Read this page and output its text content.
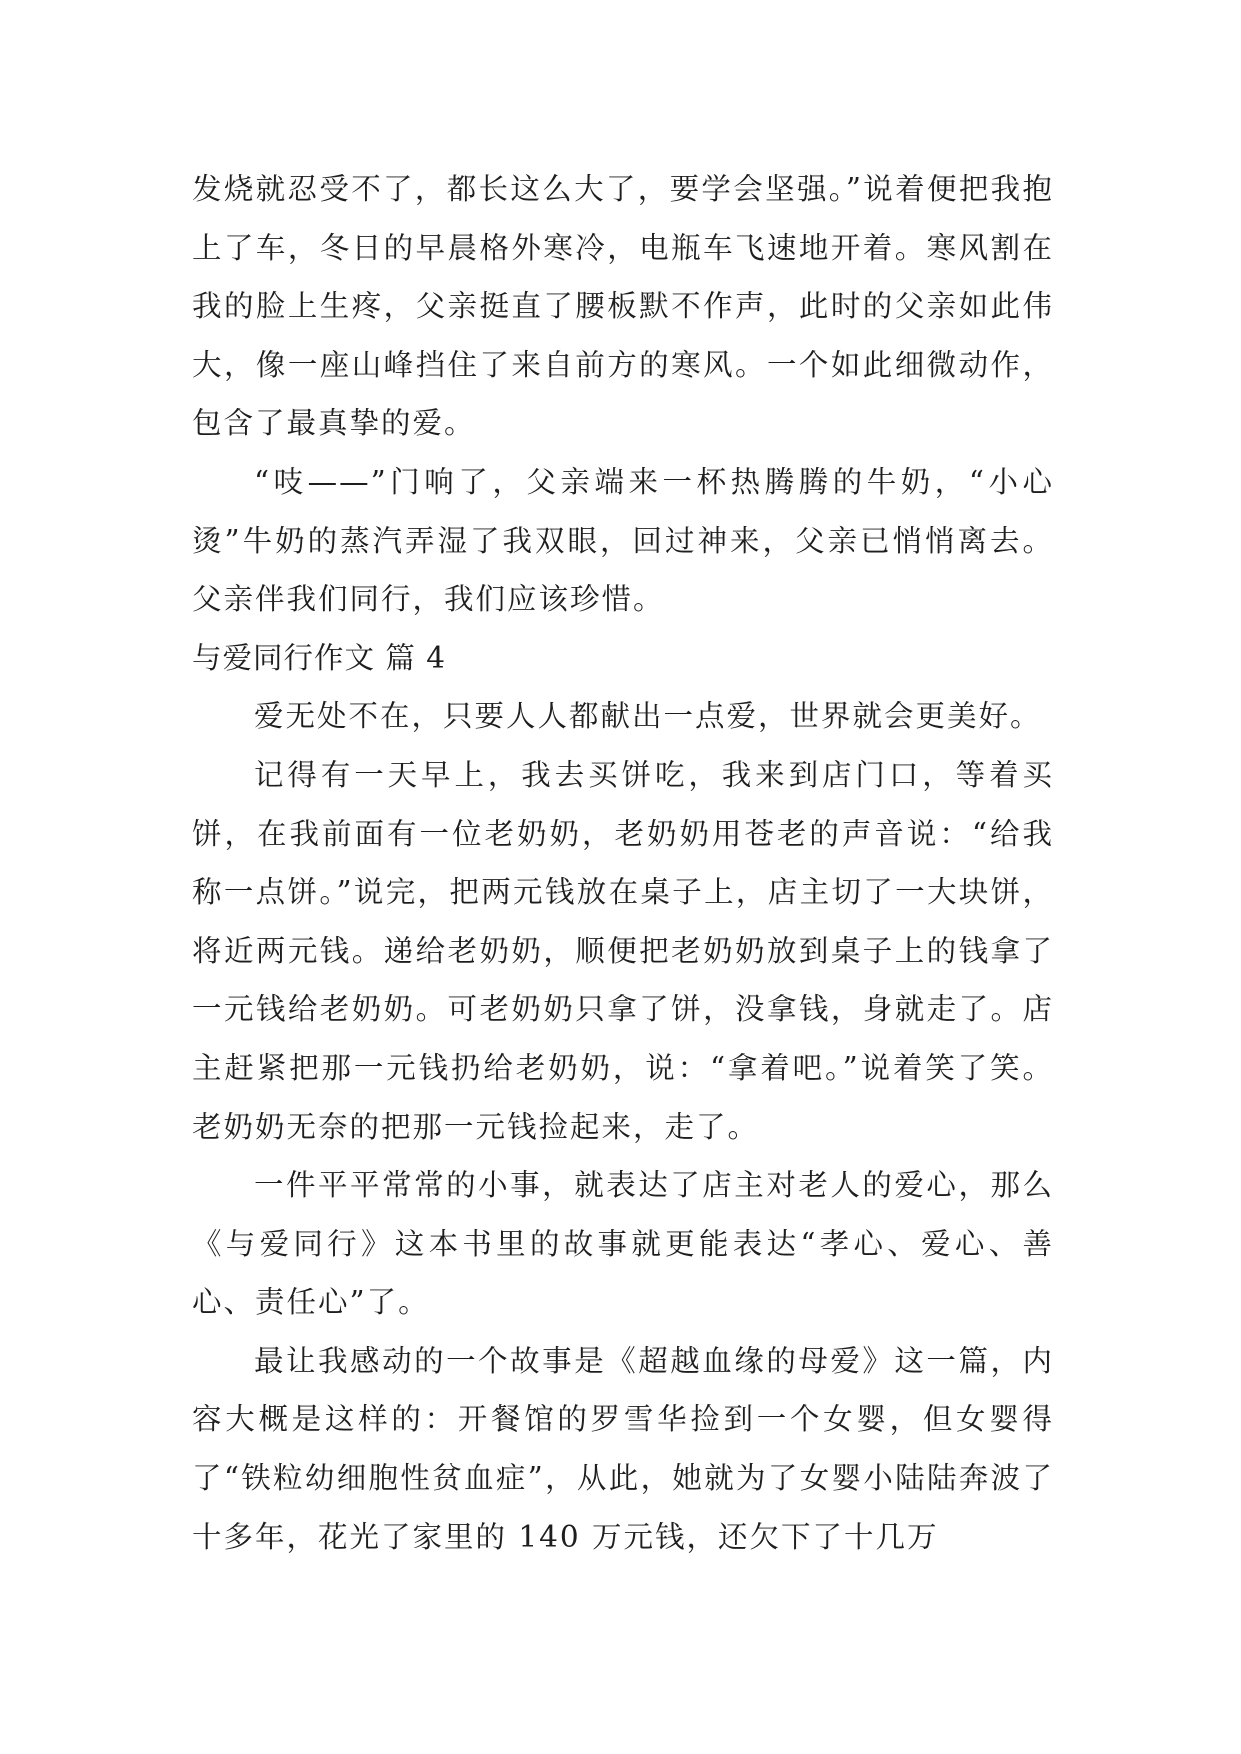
发烧就忍受不了，都长这么大了，要学会坚强。”说着便把我抱上了车，冬日的早晨格外寒冷，电瓶车飞速地开着。寒风割在我的脸上生疼，父亲挺直了腰板默不作声，此时的父亲如此伟大，像一座山峰挡住了来自前方的寒风。一个如此细微动作，包含了最真挚的爱。

“吱——”门响了，父亲端来一杯热腾腾的牛奶，“小心烫”牛奶的蒸汽弄湿了我双眼，回过神来，父亲已悄悄离去。父亲伴我们同行，我们应该珍惜。

与爱同行作文 篇 4

爱无处不在，只要人人都献出一点爱，世界就会更美好。

记得有一天早上，我去买饼吃，我来到店门口，等着买饼，在我前面有一位老奶奶，老奶奶用苍老的声音说：“给我称一点饼。”说完，把两元钱放在桌子上，店主切了一大块饼，将近两元钱。递给老奶奶，顺便把老奶奶放到桌子上的钱拿了一元钱给老奶奶。可老奶奶只拿了饼，没拿钱，身就走了。店主赶紧把那一元钱扔给老奶奶，说：“拿着吧。”说着笑了笑。老奶奶无奈的把那一元钱捡起来，走了。

一件平平常常的小事，就表达了店主对老人的爱心，那么《与爱同行》这本书里的故事就更能表达“孝心、爱心、善心、责任心”了。

最让我感动的一个故事是《超越血缘的母爱》这一篇，内容大概是这样的：开餐馆的罗雪华捡到一个女婴，但女婴得了“铁粒幼细胞性贫血症”，从此，她就为了女婴小陆陆奔波了十多年，花光了家里的 140 万元钱，还欠下了十几万
